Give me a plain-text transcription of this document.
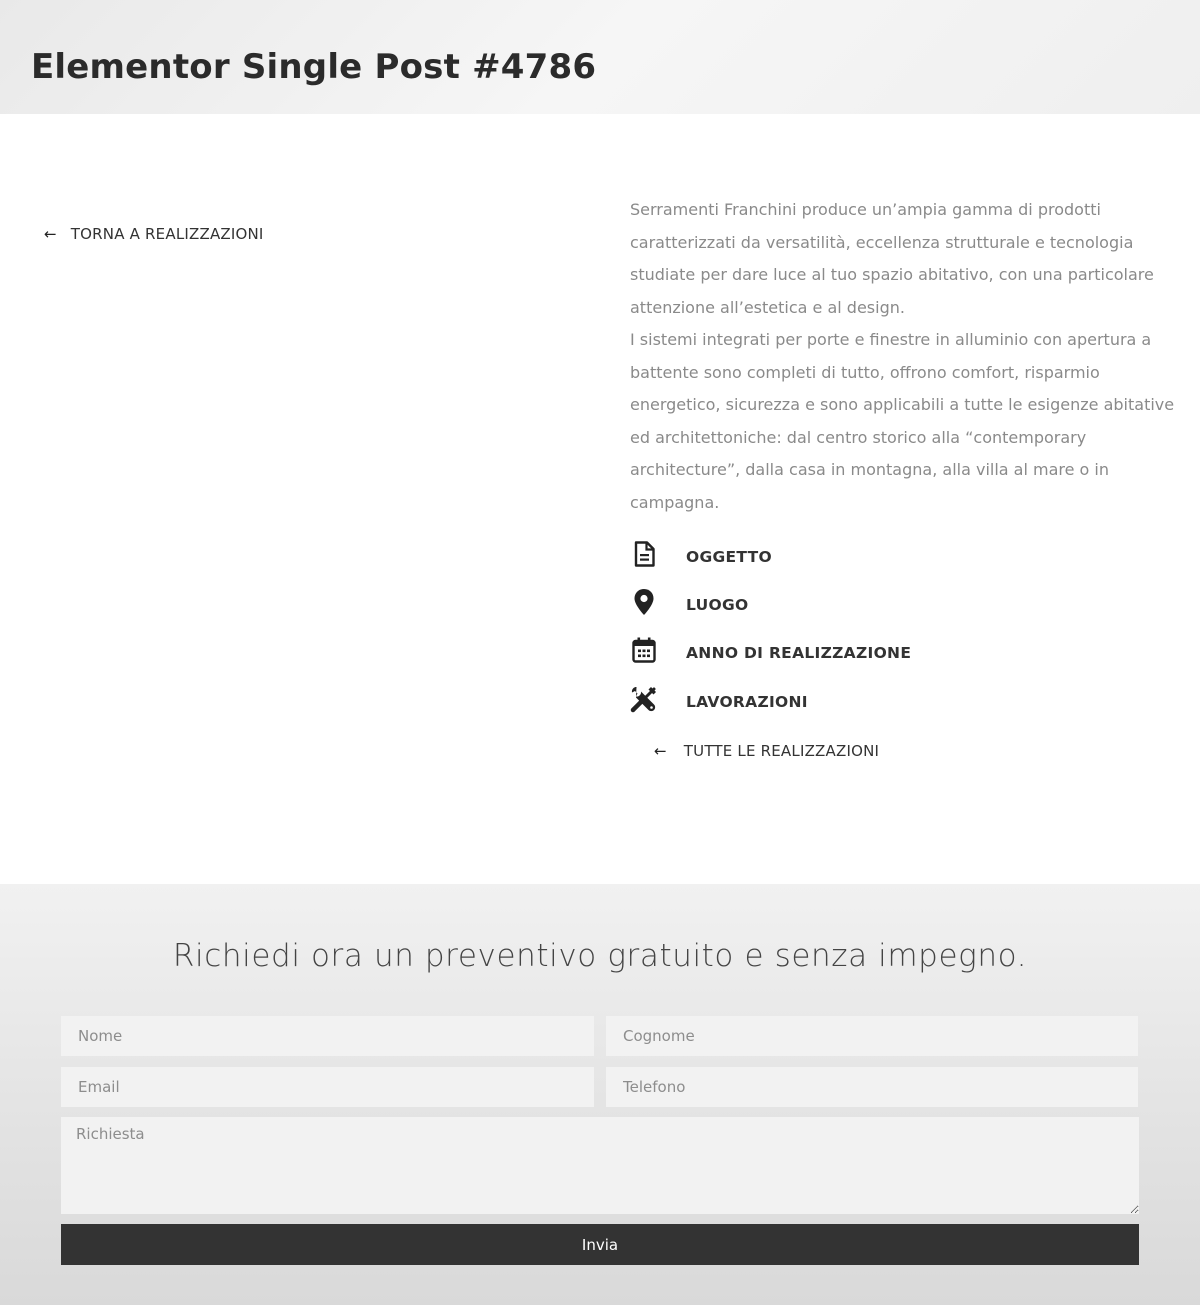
Elementor Single Post #4786
← TORNA A REALIZZAZIONI

Serramenti Franchini produce un’ampia gamma di prodotti caratterizzati da versatilità, eccellenza strutturale e tecnologia studiate per dare luce al tuo spazio abitativo, con una particolare attenzione all’estetica e al design.

I sistemi integrati per porte e finestre in alluminio con apertura a battente sono completi di tutto, offrono comfort, risparmio energetico, sicurezza e sono applicabili a tutte le esigenze abitative ed architettoniche: dal centro storico alla “contemporary architecture”, dalla casa in montagna, alla villa al mare o in campagna.

OGGETTO
LUOGO
ANNO DI REALIZZAZIONE
LAVORAZIONI
← TUTTE LE REALIZZAZIONI
Richiedi ora un preventivo gratuito e senza impegno.
Nome
Cognome
Email
Telefono
Richiesta
Invia
